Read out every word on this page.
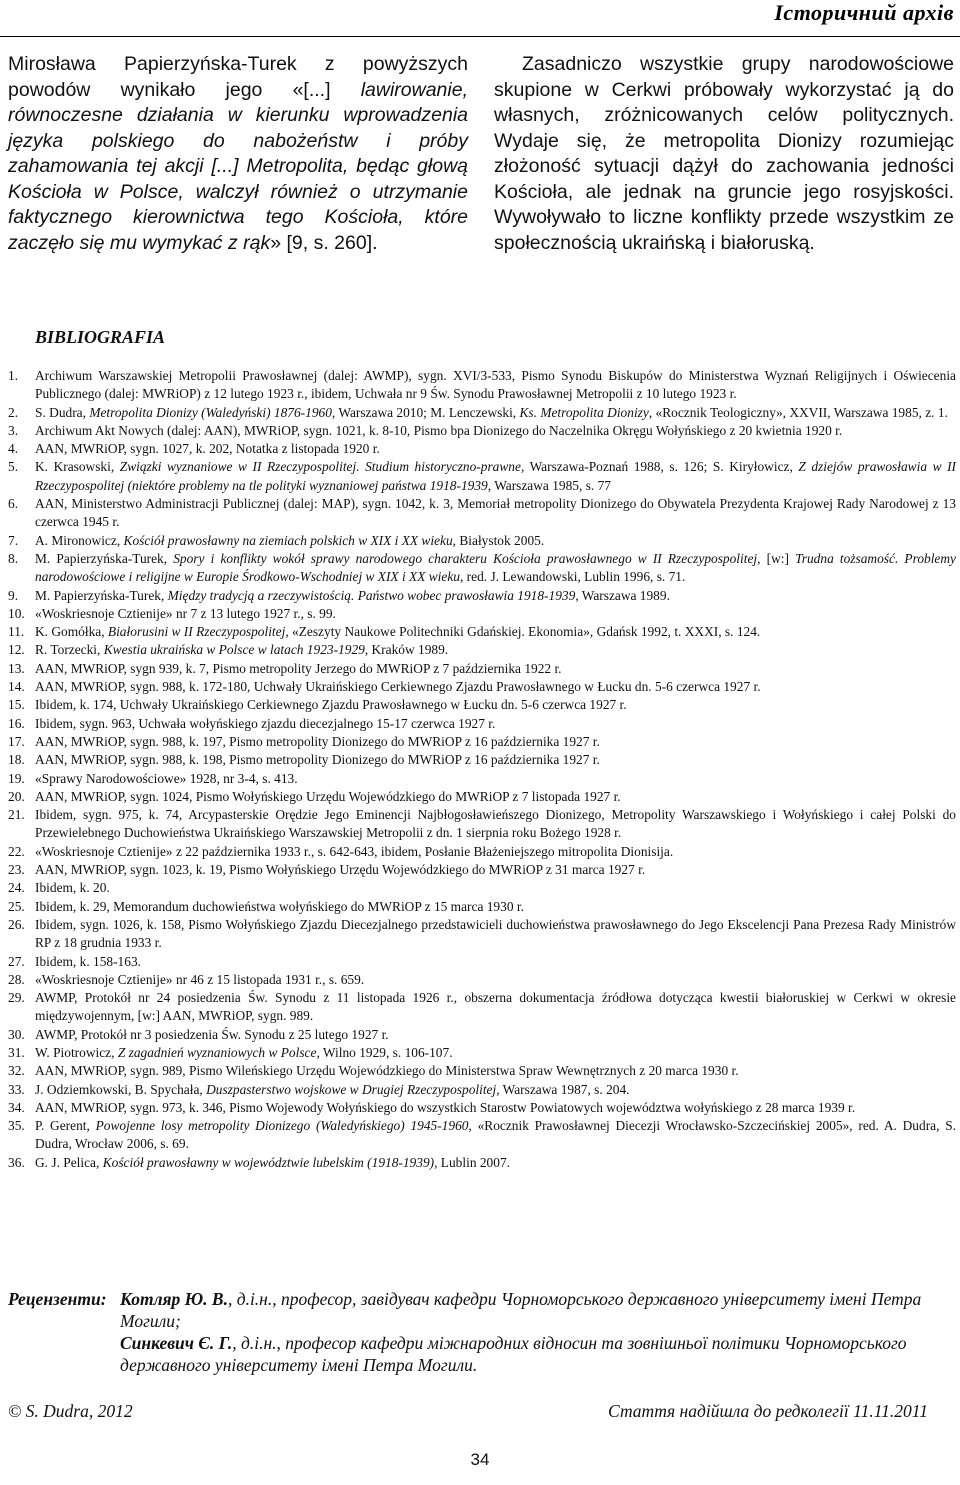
Історичний архів
Mirosława Papierzyńska-Turek z powyższych powodów wynikało jego «[...] lawirowanie, równoczesne działania w kierunku wprowadzenia języka polskiego do nabożeństw i próby zahamowania tej akcji [...] Metropolita, będąc głową Kościoła w Polsce, walczył również o utrzymanie faktycznego kierownictwa tego Kościoła, które zaczęło się mu wymykać z rąk» [9, s. 260].
Zasadniczo wszystkie grupy narodowościowe skupione w Cerkwi próbowały wykorzystać ją do własnych, zróżnicowanych celów politycznych. Wydaje się, że metropolita Dionizy rozumiejąc złożoność sytuacji dążył do zachowania jedności Kościoła, ale jednak na gruncie jego rosyjskości. Wywoływało to liczne konflikty przede wszystkim ze społecznością ukraińską i białoruską.
BIBLIOGRAFIA
1.	Archiwum Warszawskiej Metropolii Prawosławnej (dalej: AWMP), sygn. XVI/3-533, Pismo Synodu Biskupów do Ministerstwa Wyznań Religijnych i Oświecenia Publicznego (dalej: MWRiOP) z 12 lutego 1923 r., ibidem, Uchwała nr 9 Św. Synodu Prawosławnej Metropolii z 10 lutego 1923 r.
2.	S. Dudra, Metropolita Dionizy (Waledyński) 1876-1960, Warszawa 2010; M. Lenczewski, Ks. Metropolita Dionizy, «Rocznik Teologiczny», XXVII, Warszawa 1985, z. 1.
3.	Archiwum Akt Nowych (dalej: AAN), MWRiOP, sygn. 1021, k. 8-10, Pismo bpa Dionizego do Naczelnika Okręgu Wołyńskiego z 20 kwietnia 1920 r.
4.	AAN, MWRiOP, sygn. 1027, k. 202, Notatka z listopada 1920 r.
5.	K. Krasowski, Związki wyznaniowe w II Rzeczypospolitej. Studium historyczno-prawne, Warszawa-Poznań 1988, s. 126; S. Kiryłowicz, Z dziejów prawosławia w II Rzeczypospolitej (niektóre problemy na tle polityki wyznaniowej państwa 1918-1939, Warszawa 1985, s. 77
6.	AAN, Ministerstwo Administracji Publicznej (dalej: MAP), sygn. 1042, k. 3, Memoriał metropolity Dionizego do Obywatela Prezydenta Krajowej Rady Narodowej z 13 czerwca 1945 r.
7.	A. Mironowicz, Kościół prawosławny na ziemiach polskich w XIX i XX wieku, Białystok 2005.
8.	M. Papierzyńska-Turek, Spory i konflikty wokół sprawy narodowego charakteru Kościoła prawosławnego w II Rzeczypospolitej, [w:] Trudna tożsamość. Problemy narodowościowe i religijne w Europie Środkowo-Wschodniej w XIX i XX wieku, red. J. Lewandowski, Lublin 1996, s. 71.
9.	M. Papierzyńska-Turek, Między tradycją a rzeczywistością. Państwo wobec prawosławia 1918-1939, Warszawa 1989.
10. «Woskriesnoje Cztienije» nr 7 z 13 lutego 1927 r., s. 99.
11. K. Gomółka, Białorusini w II Rzeczypospolitej, «Zeszyty Naukowe Politechniki Gdańskiej. Ekonomia», Gdańsk 1992, t. XXXI, s. 124.
12. R. Torzecki, Kwestia ukraińska w Polsce w latach 1923-1929, Kraków 1989.
13. AAN, MWRiOP, sygn 939, k. 7, Pismo metropolity Jerzego do MWRiOP z 7 października 1922 r.
14. AAN, MWRiOP, sygn. 988, k. 172-180, Uchwały Ukraińskiego Cerkiewnego Zjazdu Prawosławnego w Łucku dn. 5-6 czerwca 1927 r.
15. Ibidem, k. 174, Uchwały Ukraińskiego Cerkiewnego Zjazdu Prawosławnego w Łucku dn. 5-6 czerwca 1927 r.
16. Ibidem, sygn. 963, Uchwała wołyńskiego zjazdu diecezjalnego 15-17 czerwca 1927 r.
17. AAN, MWRiOP, sygn. 988, k. 197, Pismo metropolity Dionizego do MWRiOP z 16 października 1927 r.
18. AAN, MWRiOP, sygn. 988, k. 198, Pismo metropolity Dionizego do MWRiOP z 16 października 1927 r.
19. «Sprawy Narodowościowe» 1928, nr 3-4, s. 413.
20. AAN, MWRiOP, sygn. 1024, Pismo Wołyńskiego Urzędu Wojewódzkiego do MWRiOP z 7 listopada 1927 r.
21. Ibidem, sygn. 975, k. 74, Arcypasterskie Orędzie Jego Eminencji Najbłogosławieńszego Dionizego, Metropolity Warszawskiego i Wołyńskiego i całej Polski do Przewielebnego Duchowieństwa Ukraińskiego Warszawskiej Metropolii z dn. 1 sierpnia roku Bożego 1928 r.
22. «Woskriesnoje Cztienije» z 22 października 1933 r., s. 642-643, ibidem, Posłanie Błażeniejszego mitropolita Dionisija.
23. AAN, MWRiOP, sygn. 1023, k. 19, Pismo Wołyńskiego Urzędu Wojewódzkiego do MWRiOP z 31 marca 1927 r.
24. Ibidem, k. 20.
25. Ibidem, k. 29, Memorandum duchowieństwa wołyńskiego do MWRiOP z 15 marca 1930 r.
26. Ibidem, sygn. 1026, k. 158, Pismo Wołyńskiego Zjazdu Diecezjalnego przedstawicieli duchowieństwa prawosławnego do Jego Ekscelencji Pana Prezesa Rady Ministrów RP z 18 grudnia 1933 r.
27. Ibidem, k. 158-163.
28. «Woskriesnoje Cztienije» nr 46 z 15 listopada 1931 r., s. 659.
29. AWMP, Protokół nr 24 posiedzenia Św. Synodu z 11 listopada 1926 r., obszerna dokumentacja źródłowa dotycząca kwestii białoruskiej w Cerkwi w okresie międzywojennym, [w:] AAN, MWRiOP, sygn. 989.
30. AWMP, Protokół nr 3 posiedzenia Św. Synodu z 25 lutego 1927 r.
31. W. Piotrowicz, Z zagadnień wyznaniowych w Polsce, Wilno 1929, s. 106-107.
32. AAN, MWRiOP, sygn. 989, Pismo Wileńskiego Urzędu Wojewódzkiego do Ministerstwa Spraw Wewnętrznych z 20 marca 1930 r.
33. J. Odziemkowski, B. Spychała, Duszpasterstwo wojskowe w Drugiej Rzeczypospolitej, Warszawa 1987, s. 204.
34. AAN, MWRiOP, sygn. 973, k. 346, Pismo Wojewody Wołyńskiego do wszystkich Starostw Powiatowych województwa wołyńskiego z 28 marca 1939 r.
35. P. Gerent, Powojenne losy metropolity Dionizego (Waledyńskiego) 1945-1960, «Rocznik Prawosławnej Diecezji Wrocławsko-Szczecińskiej 2005», red. A. Dudra, S. Dudra, Wrocław 2006, s. 69.
36. G. J. Pelica, Kościół prawosławny w województwie lubelskim (1918-1939), Lublin 2007.
Рецензенти: Котляр Ю. В., д.і.н., професор, завідувач кафедри Чорноморського державного університету імені Петра Могили;
Синкевич Є. Г., д.і.н., професор кафедри міжнародних відносин та зовнішньої політики Чорноморського державного університету імені Петра Могили.
© S. Dudra, 2012	Стаття надійшла до редколегії 11.11.2011
34
